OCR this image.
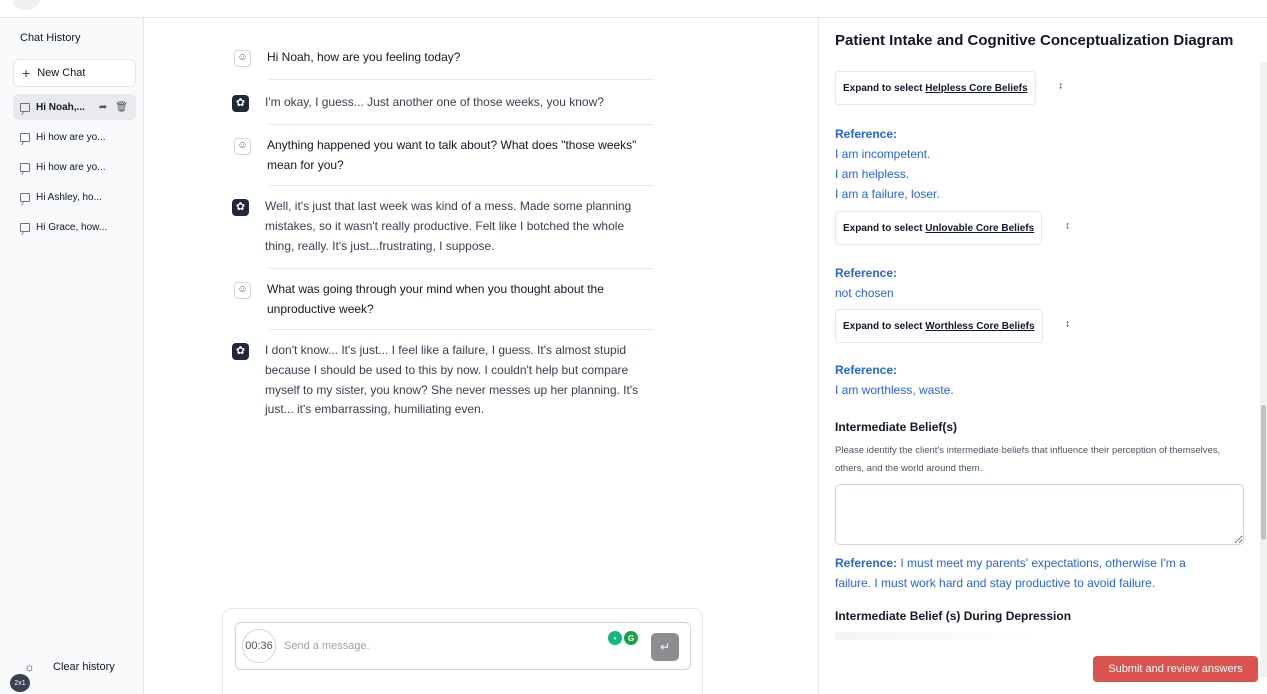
Chat History
+ New Chat
Hi Noah,... ➦ 🗑︎
Hi how are yo...
Hi how are yo...
Hi Ashley, ho...
Hi Grace, how...
☼ Clear history
2x1
☺ Hi Noah, how are you feeling today?
✿	I'm okay, I guess... Just another one of those weeks, you know?
☺ Anything happened you want to talk about? What does "those weeks" mean for you?
✿	Well, it's just that last week was kind of a mess. Made some planning mistakes, so it wasn't really productive. Felt like I botched the whole thing, really. It's just...frustrating, I suppose.
☺ What was going through your mind when you thought about the unproductive week?
✿	I don't know... It's just... I feel like a failure, I guess. It's almost stupid because I should be used to this by now. I couldn't help but compare myself to my sister, you know? She never messes up her planning. It's just... it's embarrassing, humiliating even.
00:36
Send a message.
•	G
↵
Patient Intake and Cognitive Conceptualization Diagram
Expand to select
Helpless Core Beliefs	↕
Reference:
I am incompetent.
I am helpless.
I am a failure, loser.
Expand to select
Unlovable Core Beliefs	↕
Reference:
not chosen
Expand to select
Worthless Core Beliefs	↕
Reference:
I am worthless, waste.
Intermediate Belief(s)
Please identify the client's intermediate beliefs that influence their perception of themselves, others, and the world around them.
Reference: I must meet my parents' expectations, otherwise I'm a failure. I must work hard and stay productive to avoid failure.
Intermediate Belief (s) During Depression
Submit and review answers
